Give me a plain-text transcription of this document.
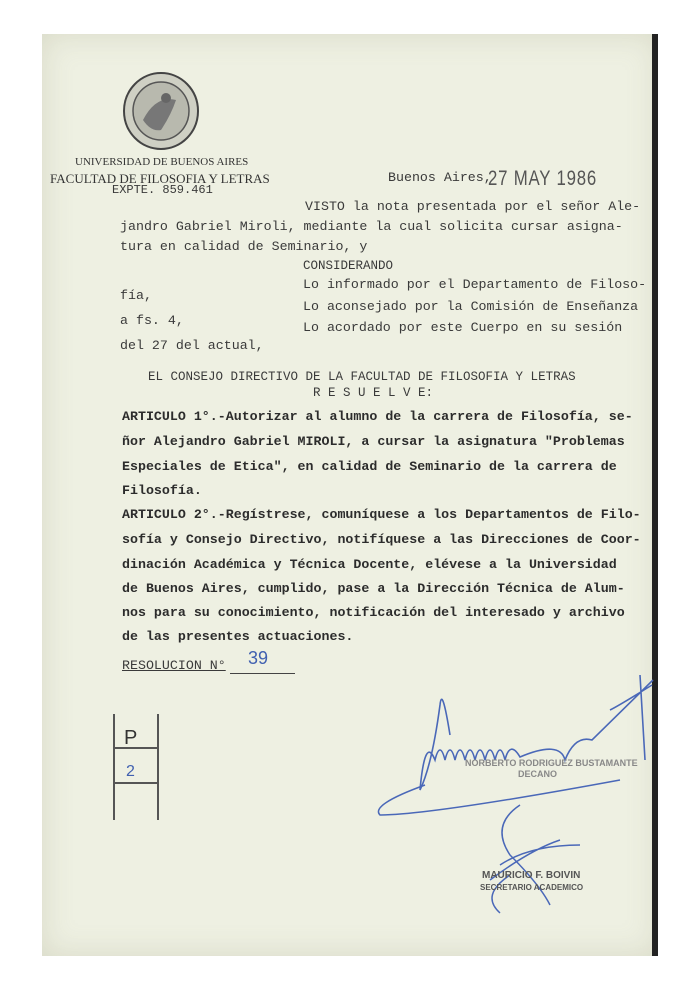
UNIVERSIDAD DE BUENOS AIRES
FACULTAD DE FILOSOFIA Y LETRAS
EXPTE. 859.461
Buenos Aires,
27 MAY 1986
VISTO la nota presentada por el señor Ale-
jandro Gabriel Miroli, mediante la cual solicita cursar asigna-
tura en calidad de Seminario, y
CONSIDERANDO
Lo informado por el Departamento de Filoso-
fía,
Lo aconsejado por la Comisión de Enseñanza
a fs. 4,	Lo acordado por este Cuerpo en su sesión
del 27 del actual,
EL CONSEJO DIRECTIVO DE LA FACULTAD DE FILOSOFIA Y LETRAS
R E S U E L V E:
ARTICULO 1°.-Autorizar al alumno de la carrera de Filosofía, se-
ñor Alejandro Gabriel MIROLI, a cursar la asignatura "Problemas
Especiales de Etica", en calidad de Seminario de la carrera de
Filosofía.
ARTICULO 2°.-Regístrese, comuníquese a los Departamentos de Filo-
sofía y Consejo Directivo, notifíquese a las Direcciones de Coor-
dinación Académica y Técnica Docente, elévese a la Universidad
de Buenos Aires, cumplido, pase a la Dirección Técnica de Alum-
nos para su conocimiento, notificación del interesado y archivo
de las presentes actuaciones.
RESOLUCION N° 39
P
2	NORBERTO RODRIGUEZ BUSTAMANTE
DECANO
MAURICIO F. BOIVIN
SECRETARIO ACADEMICO
